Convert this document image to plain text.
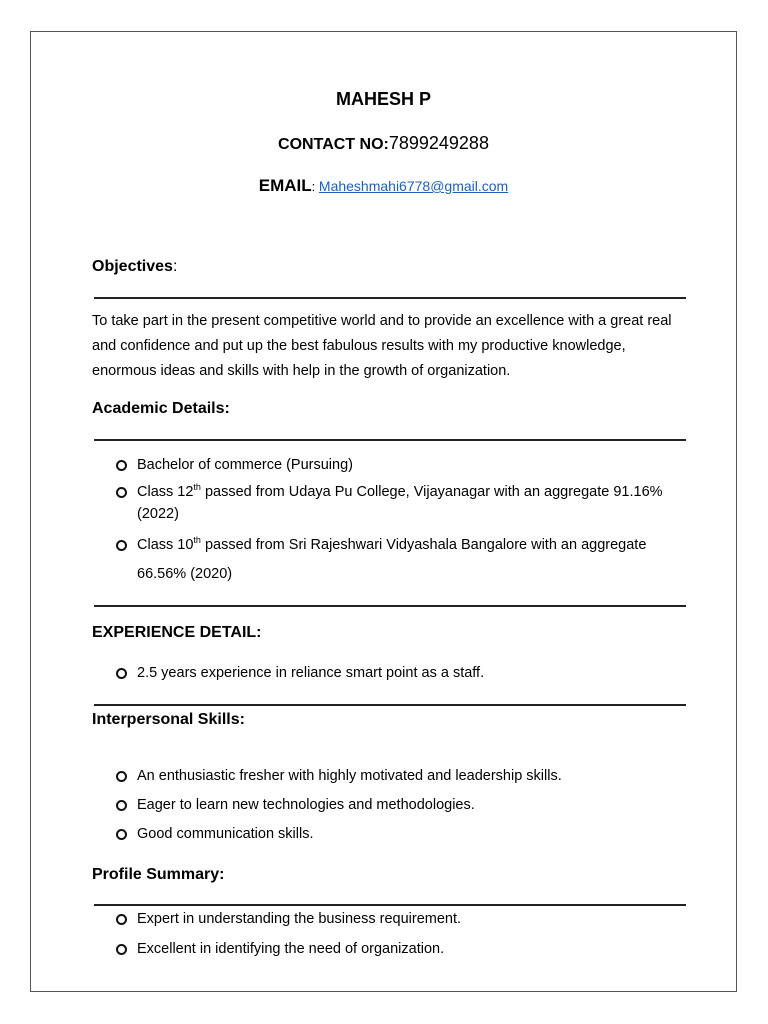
MAHESH P
CONTACT NO:7899249288
EMAIL: Maheshmahi6778@gmail.com
Objectives:
To take part in the present competitive world and to provide an excellence with a great real and confidence and put up the best fabulous results with my productive knowledge, enormous ideas and skills with help in the growth of organization.
Academic Details:
Bachelor of commerce (Pursuing)
Class 12th passed from Udaya Pu College, Vijayanagar with an aggregate 91.16% (2022)
Class 10th passed from Sri Rajeshwari Vidyashala Bangalore with an aggregate 66.56% (2020)
EXPERIENCE DETAIL:
2.5 years experience in reliance smart point as a staff.
Interpersonal Skills:
An enthusiastic fresher with highly motivated and leadership skills.
Eager to learn new technologies and methodologies.
Good communication skills.
Profile Summary:
Expert in understanding the business requirement.
Excellent in identifying the need of organization.
